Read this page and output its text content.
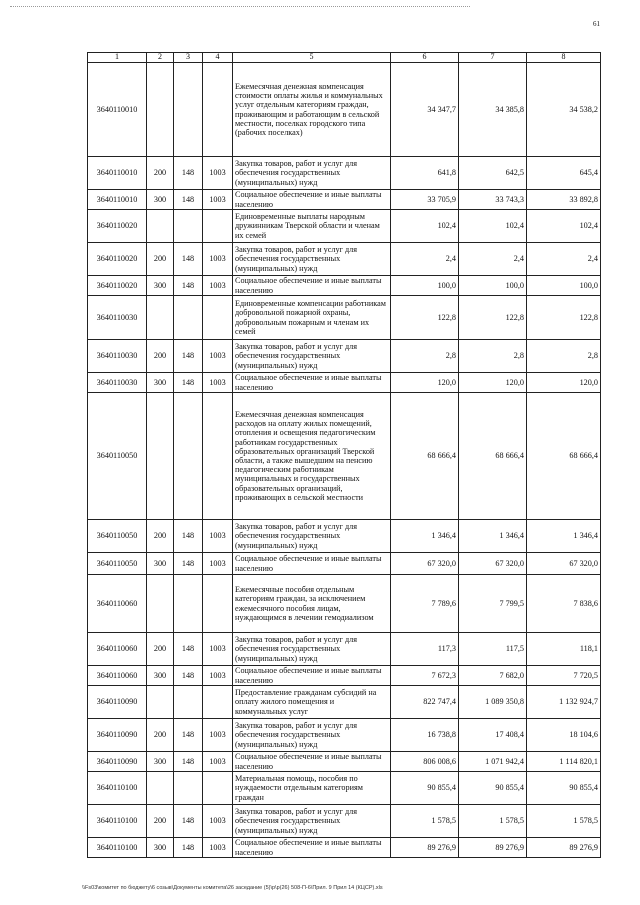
61
1	2	3	4	5	6	7	8
3640110010				Ежемесячная денежная компенсация стоимости оплаты жилья и коммунальных услуг отдельным категориям граждан, проживающим и работающим в сельской местности, поселках городского типа (рабочих поселках)	34 347,7	34 385,8	34 538,2
3640110010	200	148	1003	Закупка товаров, работ и услуг для обеспечения государственных (муниципальных) нужд	641,8	642,5	645,4
3640110010	300	148	1003	Социальное обеспечение и иные выплаты населению	33 705,9	33 743,3	33 892,8
3640110020				Единовременные выплаты народным дружинникам Тверской области и членам их семей	102,4	102,4	102,4
3640110020	200	148	1003	Закупка товаров, работ и услуг для обеспечения государственных (муниципальных) нужд	2,4	2,4	2,4
3640110020	300	148	1003	Социальное обеспечение и иные выплаты населению	100,0	100,0	100,0
3640110030				Единовременные компенсации работникам добровольной пожарной охраны, добровольным пожарным и членам их семей	122,8	122,8	122,8
3640110030	200	148	1003	Закупка товаров, работ и услуг для обеспечения государственных (муниципальных) нужд	2,8	2,8	2,8
3640110030	300	148	1003	Социальное обеспечение и иные выплаты населению	120,0	120,0	120,0
3640110050				Ежемесячная денежная компенсация расходов на оплату жилых помещений, отопления и освещения педагогическим работникам государственных образовательных организаций Тверской области, а также вышедшим на пенсию педагогическим работникам муниципальных и государственных образовательных организаций, проживающих в сельской местности	68 666,4	68 666,4	68 666,4
3640110050	200	148	1003	Закупка товаров, работ и услуг для обеспечения государственных (муниципальных) нужд	1 346,4	1 346,4	1 346,4
3640110050	300	148	1003	Социальное обеспечение и иные выплаты населению	67 320,0	67 320,0	67 320,0
3640110060				Ежемесячные пособия отдельным категориям граждан, за исключением ежемесячного пособия лицам, нуждающимся в лечении гемодиализом	7 789,6	7 799,5	7 838,6
3640110060	200	148	1003	Закупка товаров, работ и услуг для обеспечения государственных (муниципальных) нужд	117,3	117,5	118,1
3640110060	300	148	1003	Социальное обеспечение и иные выплаты населению	7 672,3	7 682,0	7 720,5
3640110090				Предоставление гражданам субсидий на оплату жилого помещения и коммунальных услуг	822 747,4	1 089 350,8	1 132 924,7
3640110090	200	148	1003	Закупка товаров, работ и услуг для обеспечения государственных (муниципальных) нужд	16 738,8	17 408,4	18 104,6
3640110090	300	148	1003	Социальное обеспечение и иные выплаты населению	806 008,6	1 071 942,4	1 114 820,1
3640110100				Материальная помощь, пособия по нуждаемости отдельным категориям граждан	90 855,4	90 855,4	90 855,4
3640110100	200	148	1003	Закупка товаров, работ и услуг для обеспечения государственных (муниципальных) нужд	1 578,5	1 578,5	1 578,5
3640110100	300	148	1003	Социальное обеспечение и иные выплаты населению	89 276,9	89 276,9	89 276,9
\\Fs03\комитет по бюджету\6 созыв\Документы комитета\26 заседание (5)\р\р(26) 508-П-6\Прил. 9 Прил 14 (КЦСР).xls
